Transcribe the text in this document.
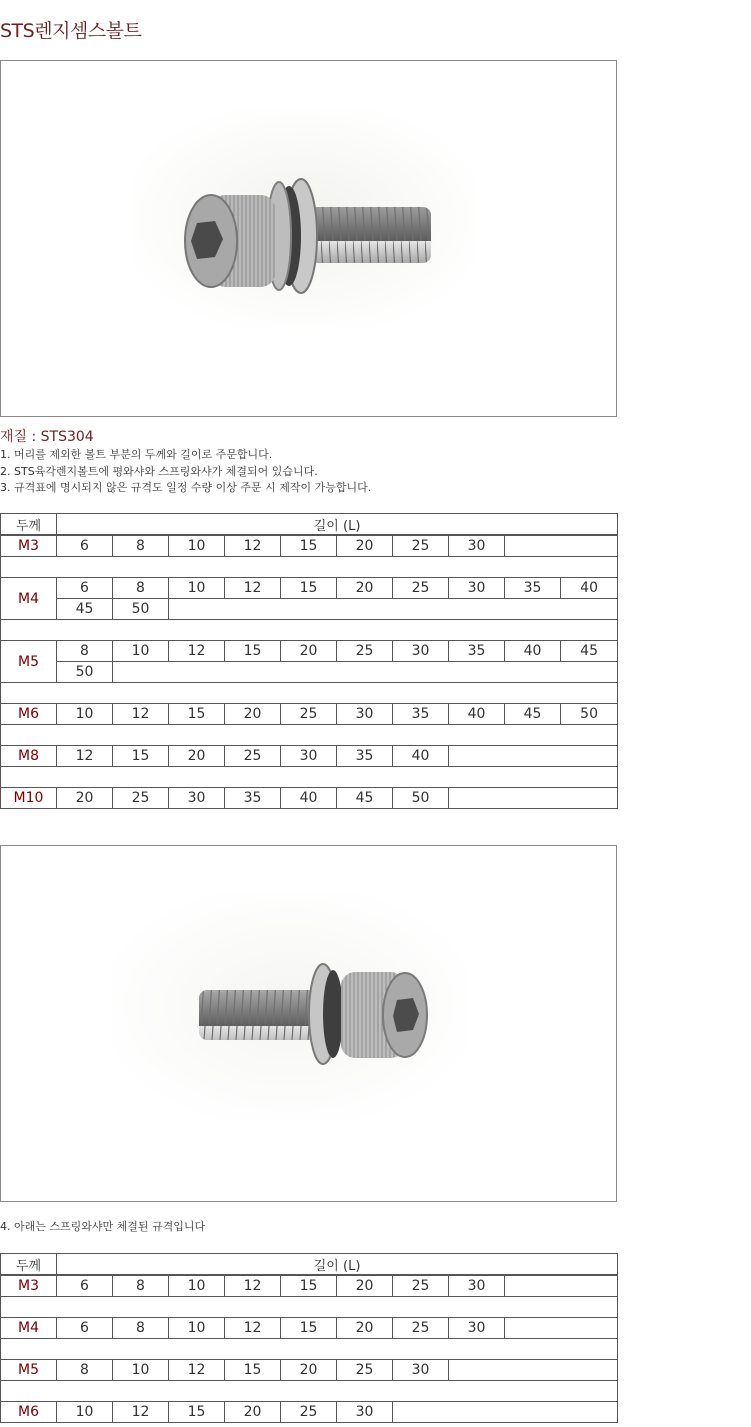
STS렌지셈스볼트
재질 : STS304
1. 머리를 제외한 볼트 부분의 두께와 길이로 주문합니다.
2. STS육각렌지볼트에 평와샤와 스프링와샤가 체결되어 있습니다.
3. 규격표에 명시되지 않은 규격도 일정 수량 이상 주문 시 제작이 가능합니다.
두께	길이 (L)									
M3	6	8	10	12	15	20	25	30		

M4	6	8	10	12	15	20	25	30	35	40
	45	50								

M5	8	10	12	15	20	25	30	35	40	45
	50									

M6	10	12	15	20	25	30	35	40	45	50

M8	12	15	20	25	30	35	40			

M10	20	25	30	35	40	45	50			
4. 아래는 스프링와샤만 체결된 규격입니다
두께	길이 (L)								
M3	6	8	10	12	15	20	25	30	

M4	6	8	10	12	15	20	25	30	

M5	8	10	12	15	20	25	30		

M6	10	12	15	20	25	30			
